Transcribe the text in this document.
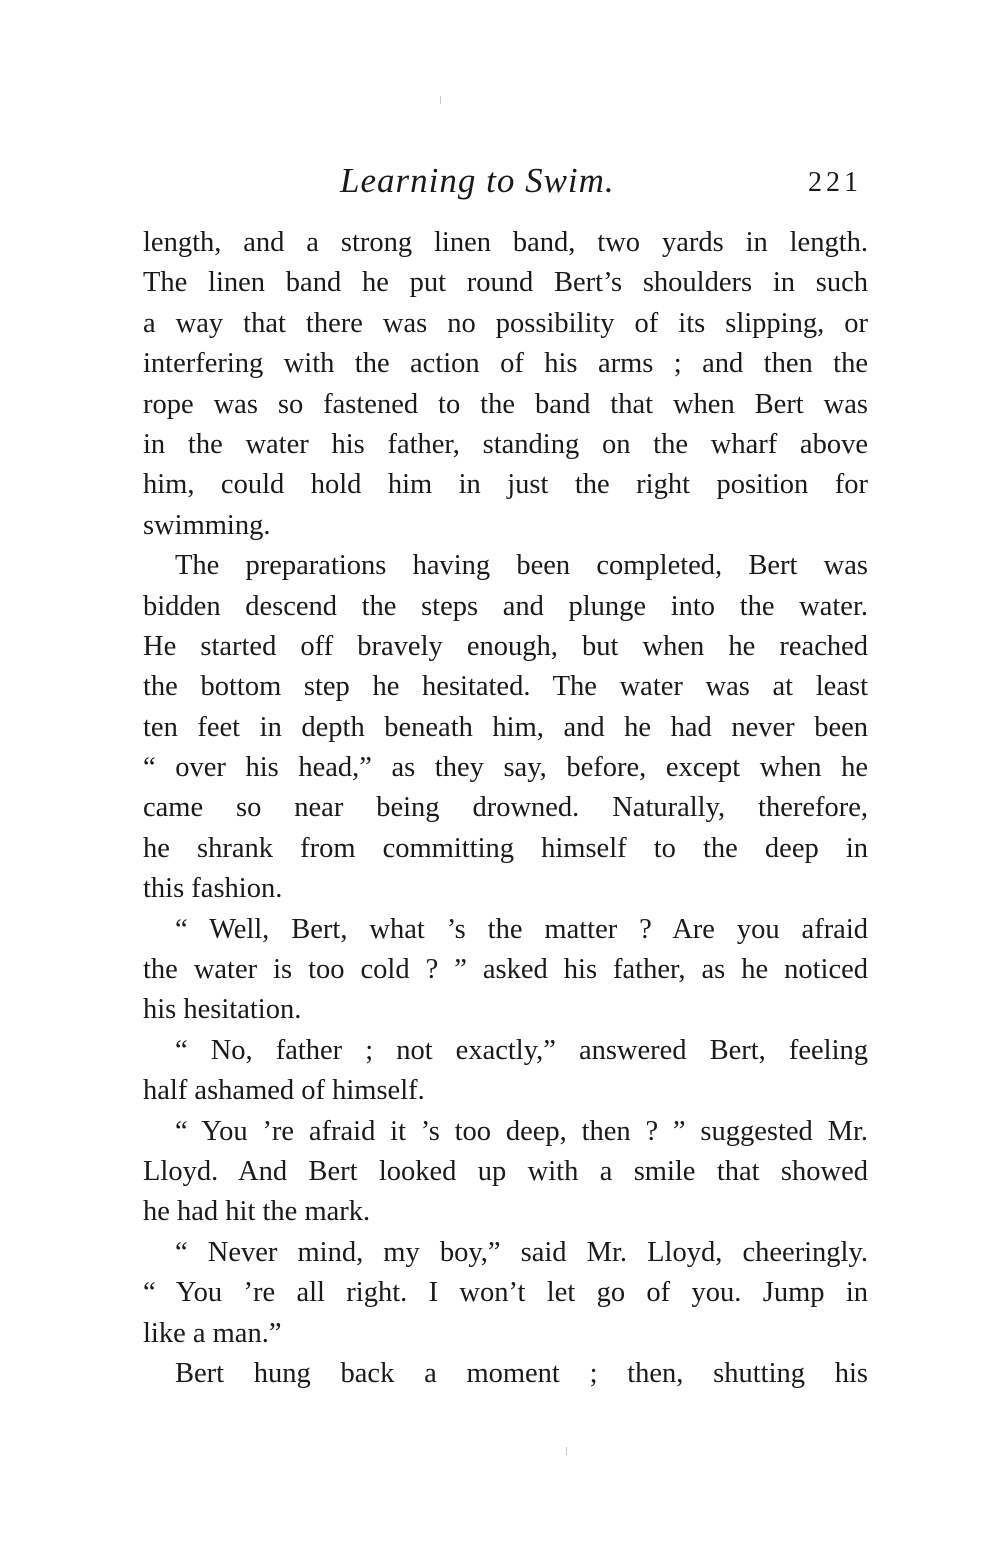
Learning to Swim.	221
length, and a strong linen band, two yards in length.
The linen band he put round Bert’s shoulders in such
a way that there was no possibility of its slipping, or
interfering with the action of his arms ; and then the
rope was so fastened to the band that when Bert was
in the water his father, standing on the wharf above
him, could hold him in just the right position for
swimming.
The preparations having been completed, Bert was
bidden descend the steps and plunge into the water.
He started off bravely enough, but when he reached
the bottom step he hesitated. The water was at least
ten feet in depth beneath him, and he had never been
“ over his head,” as they say, before, except when he
came so near being drowned. Naturally, therefore,
he shrank from committing himself to the deep in
this fashion.
“ Well, Bert, what ’s the matter ? Are you afraid
the water is too cold ? ” asked his father, as he noticed
his hesitation.
“ No, father ; not exactly,” answered Bert, feeling
half ashamed of himself.
“ You ’re afraid it ’s too deep, then ? ” suggested Mr.
Lloyd. And Bert looked up with a smile that showed
he had hit the mark.
“ Never mind, my boy,” said Mr. Lloyd, cheeringly.
“ You ’re all right. I won’t let go of you. Jump in
like a man.”
Bert hung back a moment ; then, shutting his
